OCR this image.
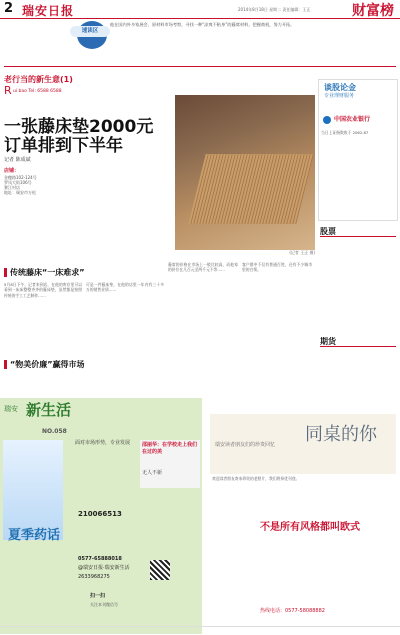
2 瑞安日报	2014年8月18日 星期二 责任编辑：王正	财富榜
速读区
他在国内外多家展会、原材料市场考察，寻找一种“凉爽不粘身”的藤席材料，把握商机，努力开拓。
老行当的新生意(1)
R ui bao Tel: 6588 6588
一张藤床垫2000元
订单排到下半年
记者 陈成斌
店铺：
金穗路102-124号
罗凤大街106号
赛江村店
地址：瑞安市万松
(记者 王正 摄)
传统藤床“一床难求”
5月8日下午，记者来到店，在他的库存里可以看到一床床整整齐齐的藤床垫，虽然都是按照传统的手工工艺制作……
可是一件藤床垫，在他的店里一年内有三十多万的销售业绩……
藤席的价格在市场上一般比较高，而他家的价位在几百元至两千元不等……
客户群中不仅有普通百姓，还有不少城市里的白领。
“物美价廉”赢得市场
谈股论金
专业理财服务
中国农业银行
当日上证指数收于 2062.87
股票
期货
瑞安 新生活
NO.058
夏季药话
面对市场形势，专业发展
210066513
0577-65888018
@瑞安日报·瑞安新生活
2633968275
扫一扫
关注本刊微信号
邵丽华：在学校走上我们在过的美
无人不新
同桌的你
瑞安读者朋友们的珍贵回忆
欢迎读者朋友寄来珍贵的老照片，我们将择优刊登。
不是所有风格都叫欧式
热线电话：0577-58088882
